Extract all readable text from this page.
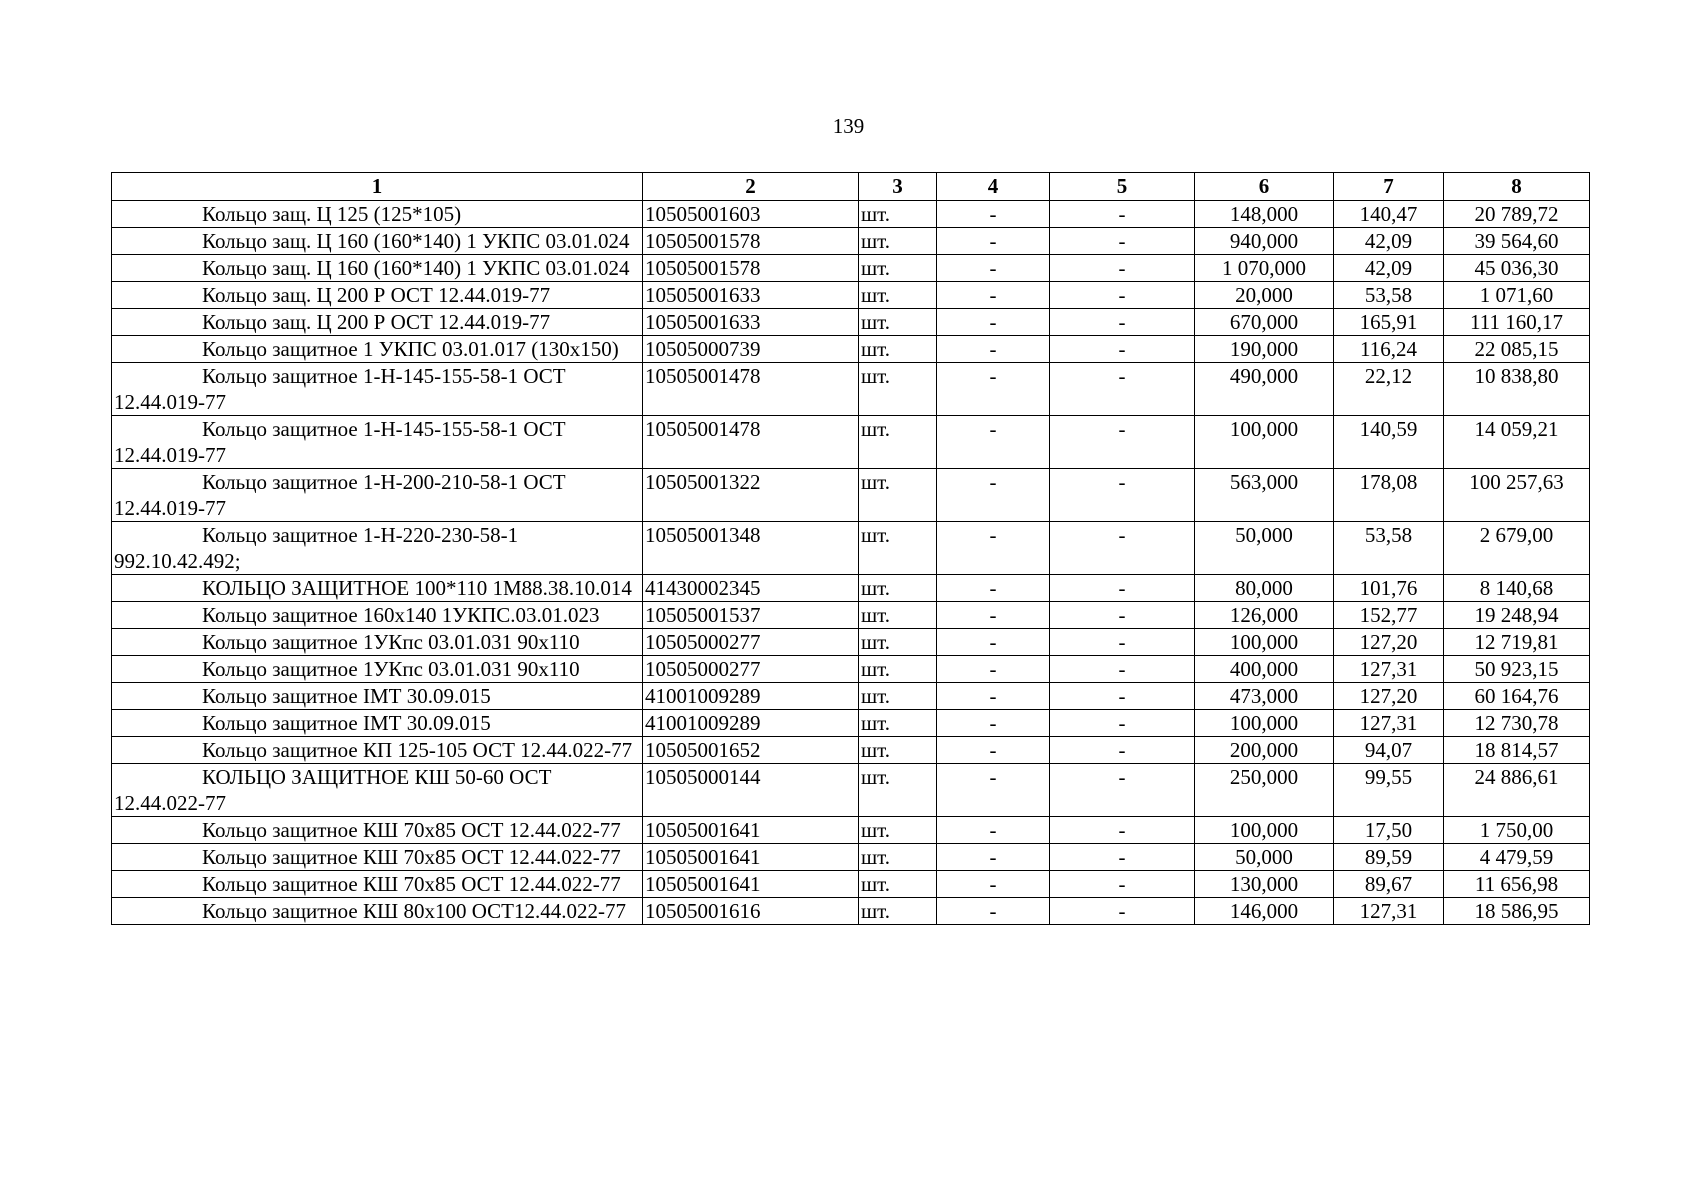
139
1	2	3	4	5	6	7	8
Кольцо защ. Ц 125 (125*105)	10505001603	шт.	-	-	148,000	140,47	20 789,72
Кольцо защ. Ц 160 (160*140) 1 УКПС 03.01.024	10505001578	шт.	-	-	940,000	42,09	39 564,60
Кольцо защ. Ц 160 (160*140) 1 УКПС 03.01.024	10505001578	шт.	-	-	1 070,000	42,09	45 036,30
Кольцо защ. Ц 200 Р ОСТ 12.44.019-77	10505001633	шт.	-	-	20,000	53,58	1 071,60
Кольцо защ. Ц 200 Р ОСТ 12.44.019-77	10505001633	шт.	-	-	670,000	165,91	111 160,17
Кольцо защитное 1 УКПС 03.01.017 (130х150)	10505000739	шт.	-	-	190,000	116,24	22 085,15
Кольцо защитное 1-Н-145-155-58-1 ОСТ 12.44.019-77	10505001478	шт.	-	-	490,000	22,12	10 838,80
Кольцо защитное 1-Н-145-155-58-1 ОСТ 12.44.019-77	10505001478	шт.	-	-	100,000	140,59	14 059,21
Кольцо защитное 1-Н-200-210-58-1 ОСТ 12.44.019-77	10505001322	шт.	-	-	563,000	178,08	100 257,63
Кольцо защитное 1-Н-220-230-58-1 992.10.42.492;	10505001348	шт.	-	-	50,000	53,58	2 679,00
КОЛЬЦО ЗАЩИТНОЕ 100*110 1М88.38.10.014	41430002345	шт.	-	-	80,000	101,76	8 140,68
Кольцо защитное 160х140 1УКПС.03.01.023	10505001537	шт.	-	-	126,000	152,77	19 248,94
Кольцо защитное 1УКпс 03.01.031 90х110	10505000277	шт.	-	-	100,000	127,20	12 719,81
Кольцо защитное 1УКпс 03.01.031 90х110	10505000277	шт.	-	-	400,000	127,31	50 923,15
Кольцо защитное IМТ 30.09.015	41001009289	шт.	-	-	473,000	127,20	60 164,76
Кольцо защитное IМТ 30.09.015	41001009289	шт.	-	-	100,000	127,31	12 730,78
Кольцо защитное КП 125-105 ОСТ 12.44.022-77	10505001652	шт.	-	-	200,000	94,07	18 814,57
КОЛЬЦО ЗАЩИТНОЕ КШ 50-60 ОСТ 12.44.022-77	10505000144	шт.	-	-	250,000	99,55	24 886,61
Кольцо защитное КШ 70х85 ОСТ 12.44.022-77	10505001641	шт.	-	-	100,000	17,50	1 750,00
Кольцо защитное КШ 70х85 ОСТ 12.44.022-77	10505001641	шт.	-	-	50,000	89,59	4 479,59
Кольцо защитное КШ 70х85 ОСТ 12.44.022-77	10505001641	шт.	-	-	130,000	89,67	11 656,98
Кольцо защитное КШ 80х100 ОСТ12.44.022-77	10505001616	шт.	-	-	146,000	127,31	18 586,95
